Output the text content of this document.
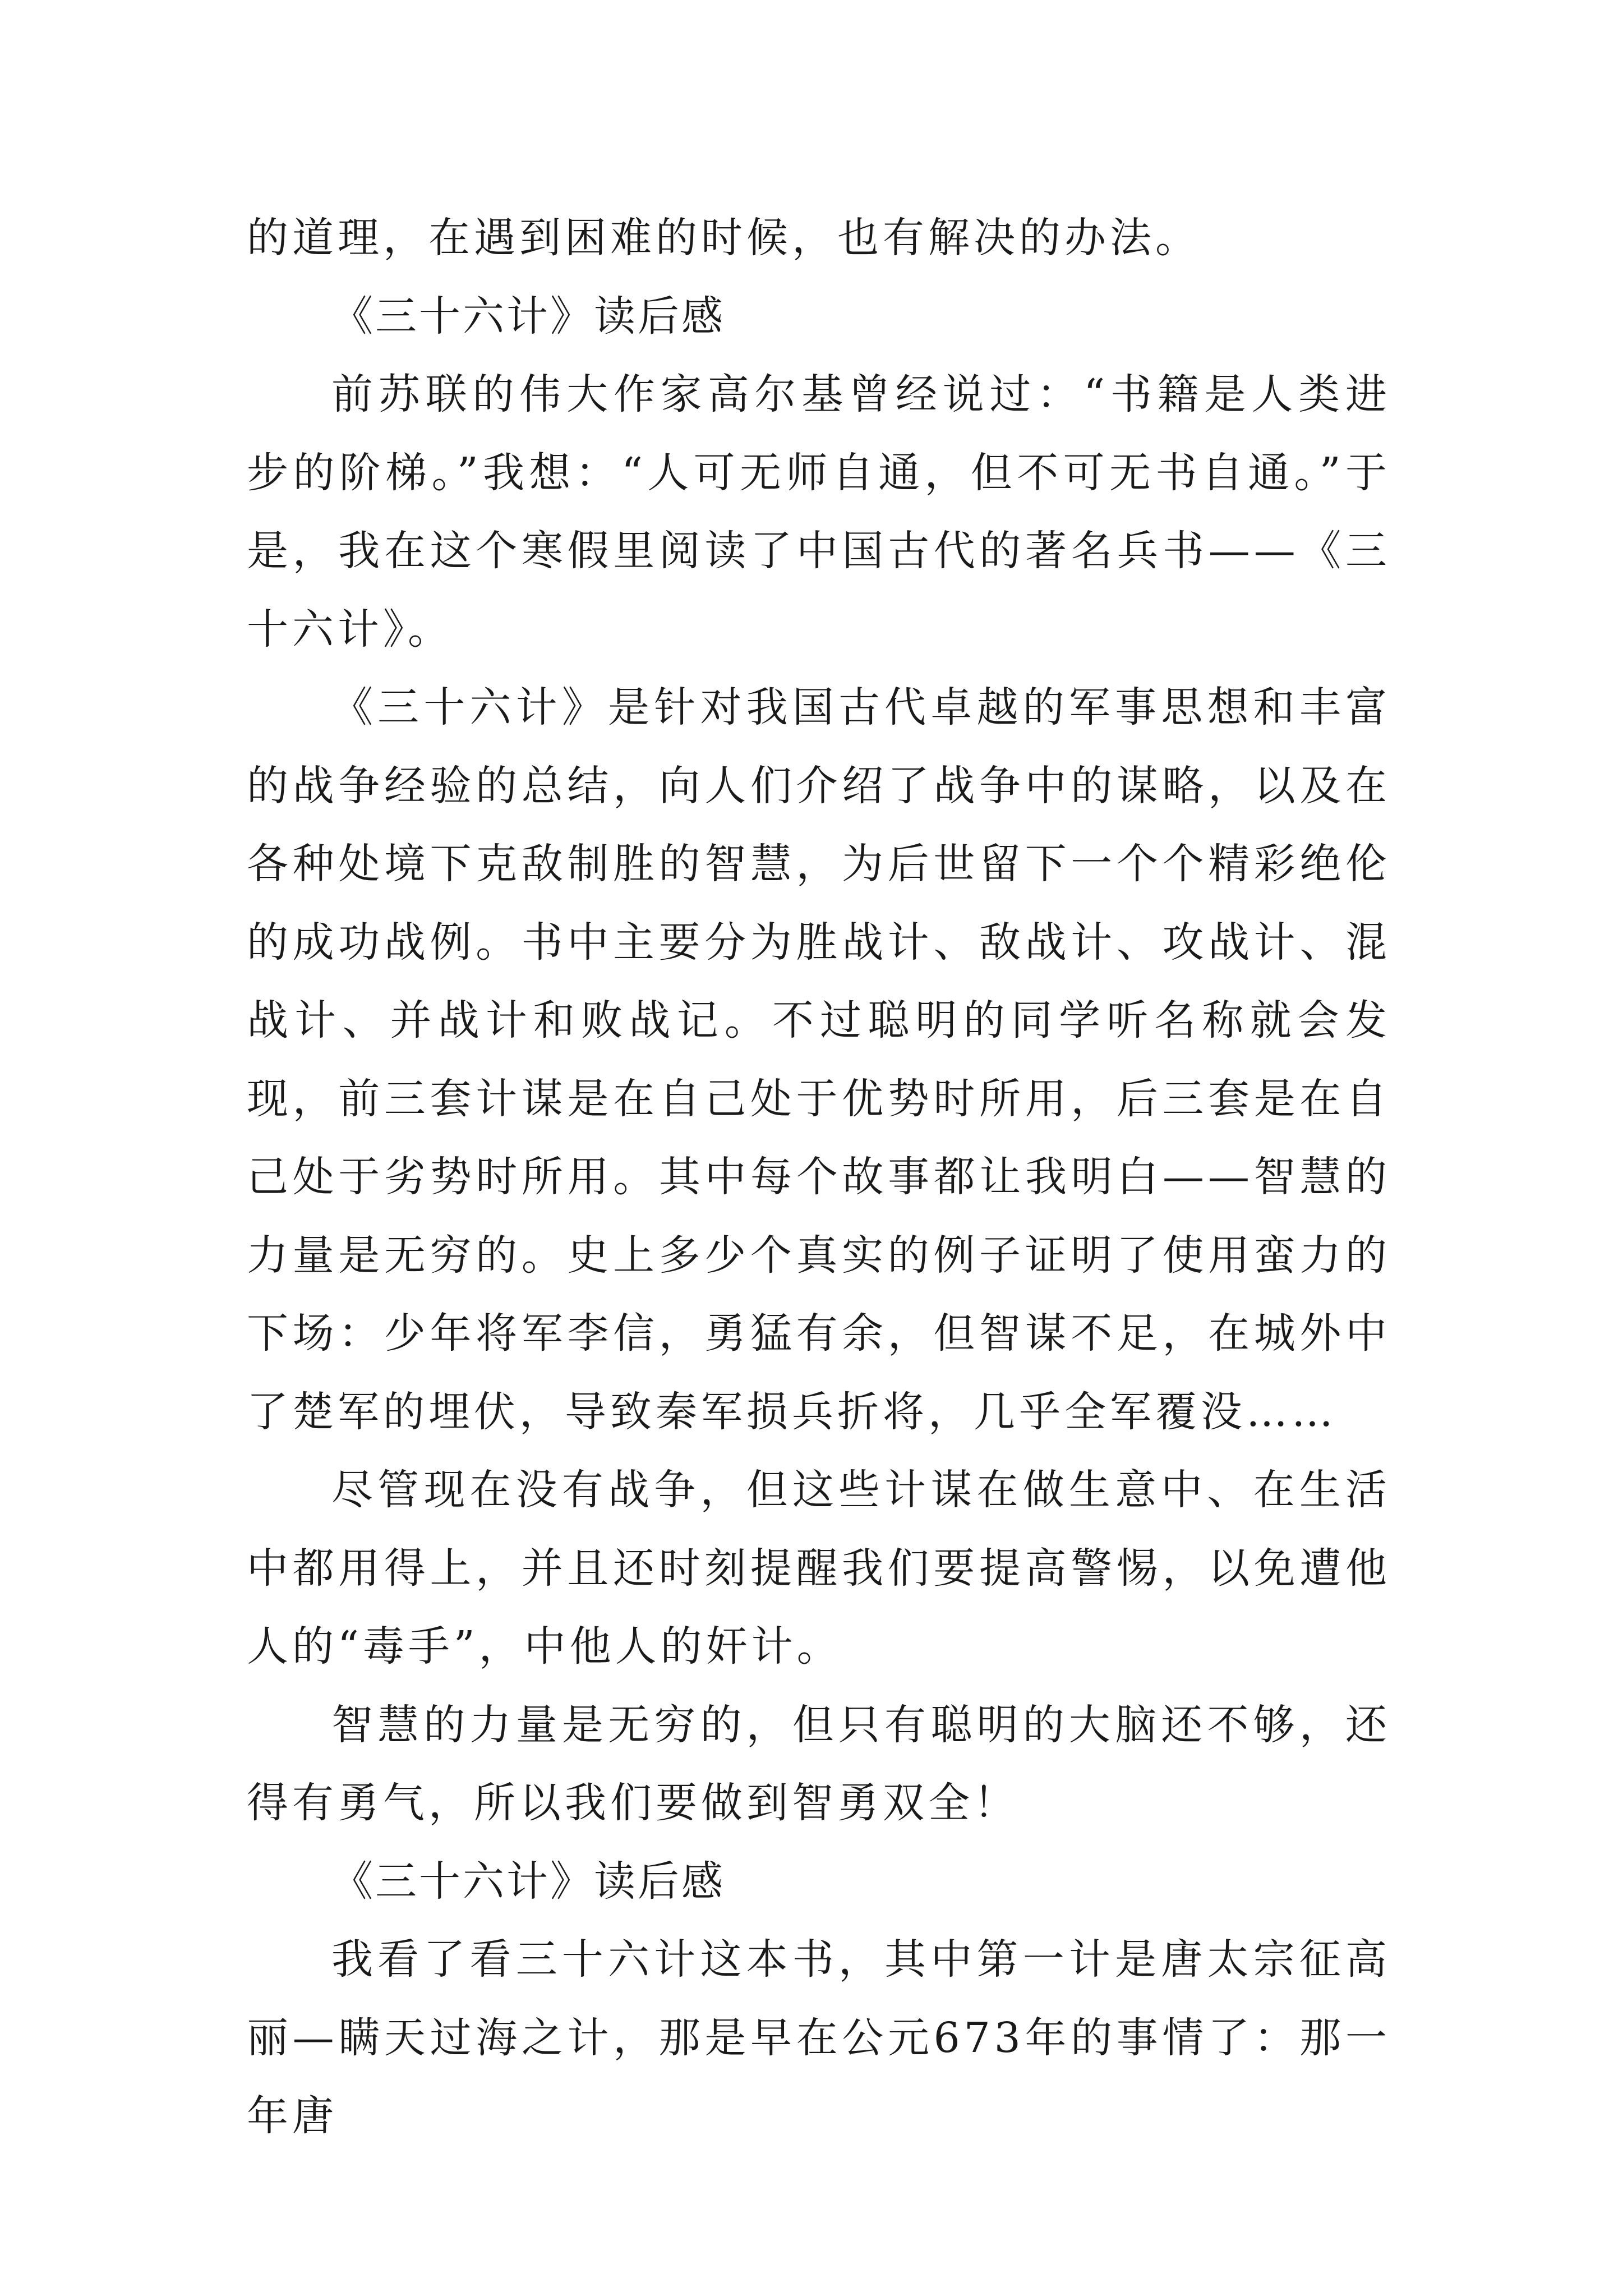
的道理，在遇到困难的时候，也有解决的办法。

《三十六计》读后感

前苏联的伟大作家高尔基曾经说过：“书籍是人类进步的阶梯。”我想：“人可无师自通，但不可无书自通。”于是，我在这个寒假里阅读了中国古代的著名兵书——《三十六计》。

《三十六计》是针对我国古代卓越的军事思想和丰富的战争经验的总结，向人们介绍了战争中的谋略，以及在各种处境下克敌制胜的智慧，为后世留下一个个精彩绝伦的成功战例。书中主要分为胜战计、敌战计、攻战计、混战计、并战计和败战记。不过聪明的同学听名称就会发现，前三套计谋是在自己处于优势时所用，后三套是在自己处于劣势时所用。其中每个故事都让我明白——智慧的力量是无穷的。史上多少个真实的例子证明了使用蛮力的下场：少年将军李信，勇猛有余，但智谋不足，在城外中了楚军的埋伏，导致秦军损兵折将，几乎全军覆没……

尽管现在没有战争，但这些计谋在做生意中、在生活中都用得上，并且还时刻提醒我们要提高警惕，以免遭他人的“毒手”，中他人的奸计。

智慧的力量是无穷的，但只有聪明的大脑还不够，还得有勇气，所以我们要做到智勇双全！

《三十六计》读后感

我看了看三十六计这本书，其中第一计是唐太宗征高丽—瞒天过海之计，那是早在公元673年的事情了：那一年唐
